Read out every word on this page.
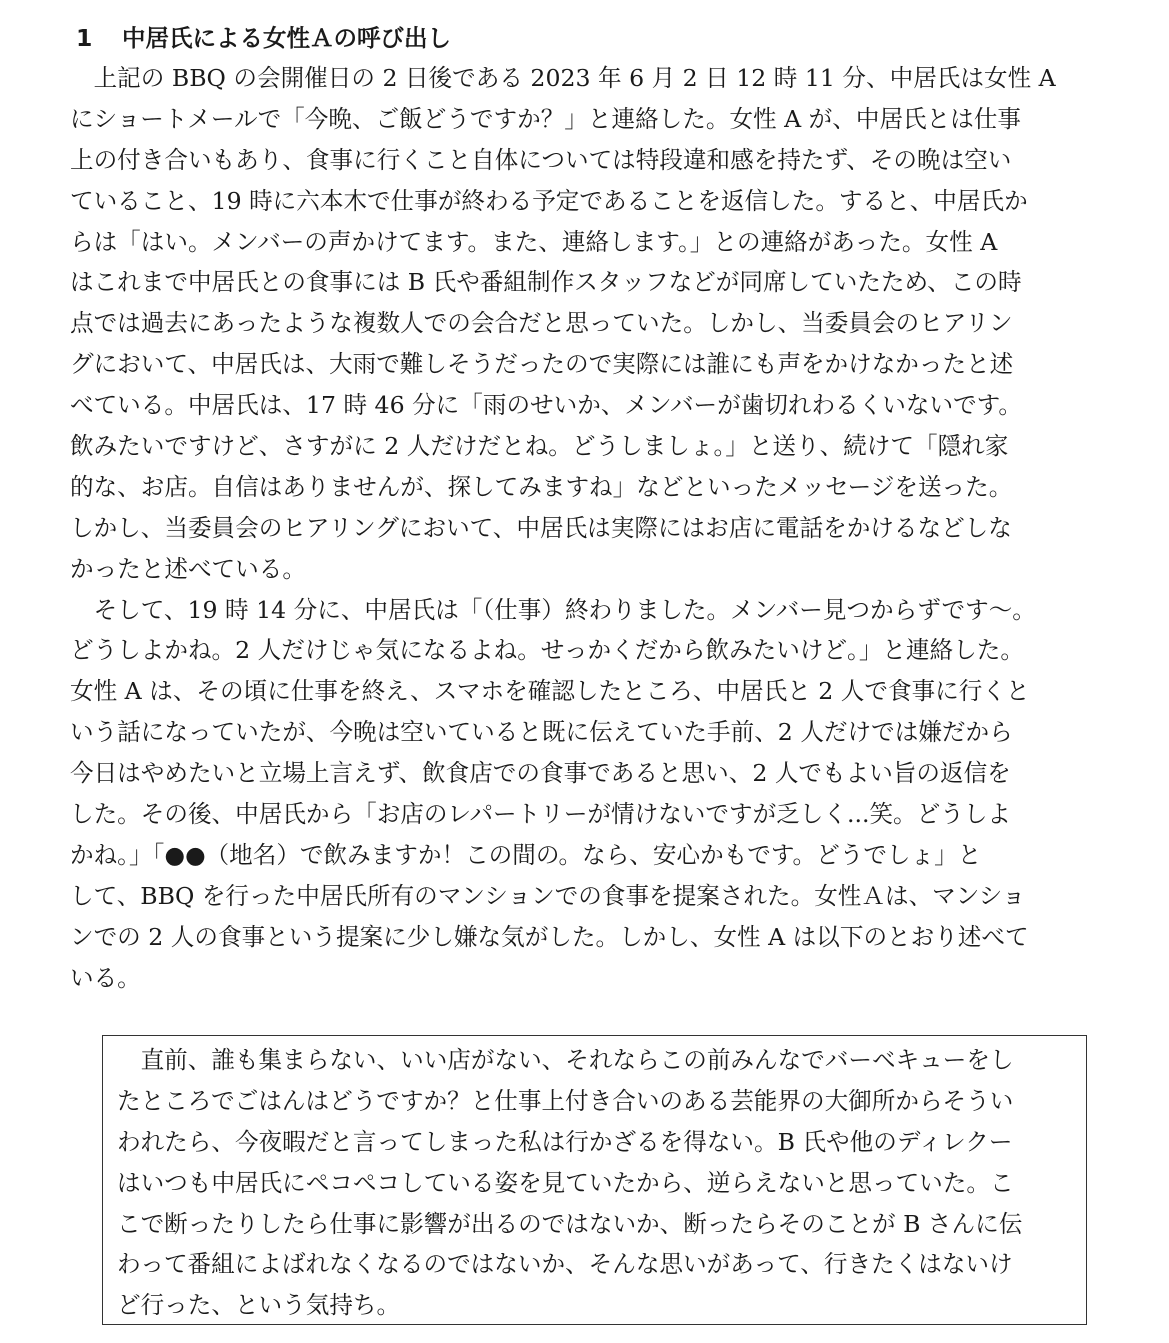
1 中居氏による女性Ａの呼び出し
　上記の BBQ の会開催日の 2 日後である 2023 年 6 月 2 日 12 時 11 分、中居氏は女性 A
にショートメールで「今晩、ご飯どうですか？」と連絡した。女性 A が、中居氏とは仕事
上の付き合いもあり、食事に行くこと自体については特段違和感を持たず、その晩は空い
ていること、19 時に六本木で仕事が終わる予定であることを返信した。すると、中居氏か
らは「はい。メンバーの声かけてます。また、連絡します。」との連絡があった。女性 A
はこれまで中居氏との食事には B 氏や番組制作スタッフなどが同席していたため、この時
点では過去にあったような複数人での会合だと思っていた。しかし、当委員会のヒアリン
グにおいて、中居氏は、大雨で難しそうだったので実際には誰にも声をかけなかったと述
べている。中居氏は、17 時 46 分に「雨のせいか、メンバーが歯切れわるくいないです。
飲みたいですけど、さすがに 2 人だけだとね。どうしましょ。」と送り、続けて「隠れ家
的な、お店。自信はありませんが、探してみますね」などといったメッセージを送った。
しかし、当委員会のヒアリングにおいて、中居氏は実際にはお店に電話をかけるなどしな
かったと述べている。
　そして、19 時 14 分に、中居氏は「（仕事）終わりました。メンバー見つからずです～。
どうしよかね。2 人だけじゃ気になるよね。せっかくだから飲みたいけど。」と連絡した。
女性 A は、その頃に仕事を終え、スマホを確認したところ、中居氏と 2 人で食事に行くと
いう話になっていたが、今晩は空いていると既に伝えていた手前、2 人だけでは嫌だから
今日はやめたいと立場上言えず、飲食店での食事であると思い、2 人でもよい旨の返信を
した。その後、中居氏から「お店のレパートリーが情けないですが乏しく...笑。どうしよ
かね。」「●●（地名）で飲みますか！この間の。なら、安心かもです。どうでしょ」と
して、BBQ を行った中居氏所有のマンションでの食事を提案された。女性Ａは、マンショ
ンでの 2 人の食事という提案に少し嫌な気がした。しかし、女性 A は以下のとおり述べて
いる。
　直前、誰も集まらない、いい店がない、それならこの前みんなでバーベキューをし
たところでごはんはどうですか？と仕事上付き合いのある芸能界の大御所からそうい
われたら、今夜暇だと言ってしまった私は行かざるを得ない。B 氏や他のディレクー
はいつも中居氏にペコペコしている姿を見ていたから、逆らえないと思っていた。こ
こで断ったりしたら仕事に影響が出るのではないか、断ったらそのことが B さんに伝
わって番組によばれなくなるのではないか、そんな思いがあって、行きたくはないけ
ど行った、という気持ち。
